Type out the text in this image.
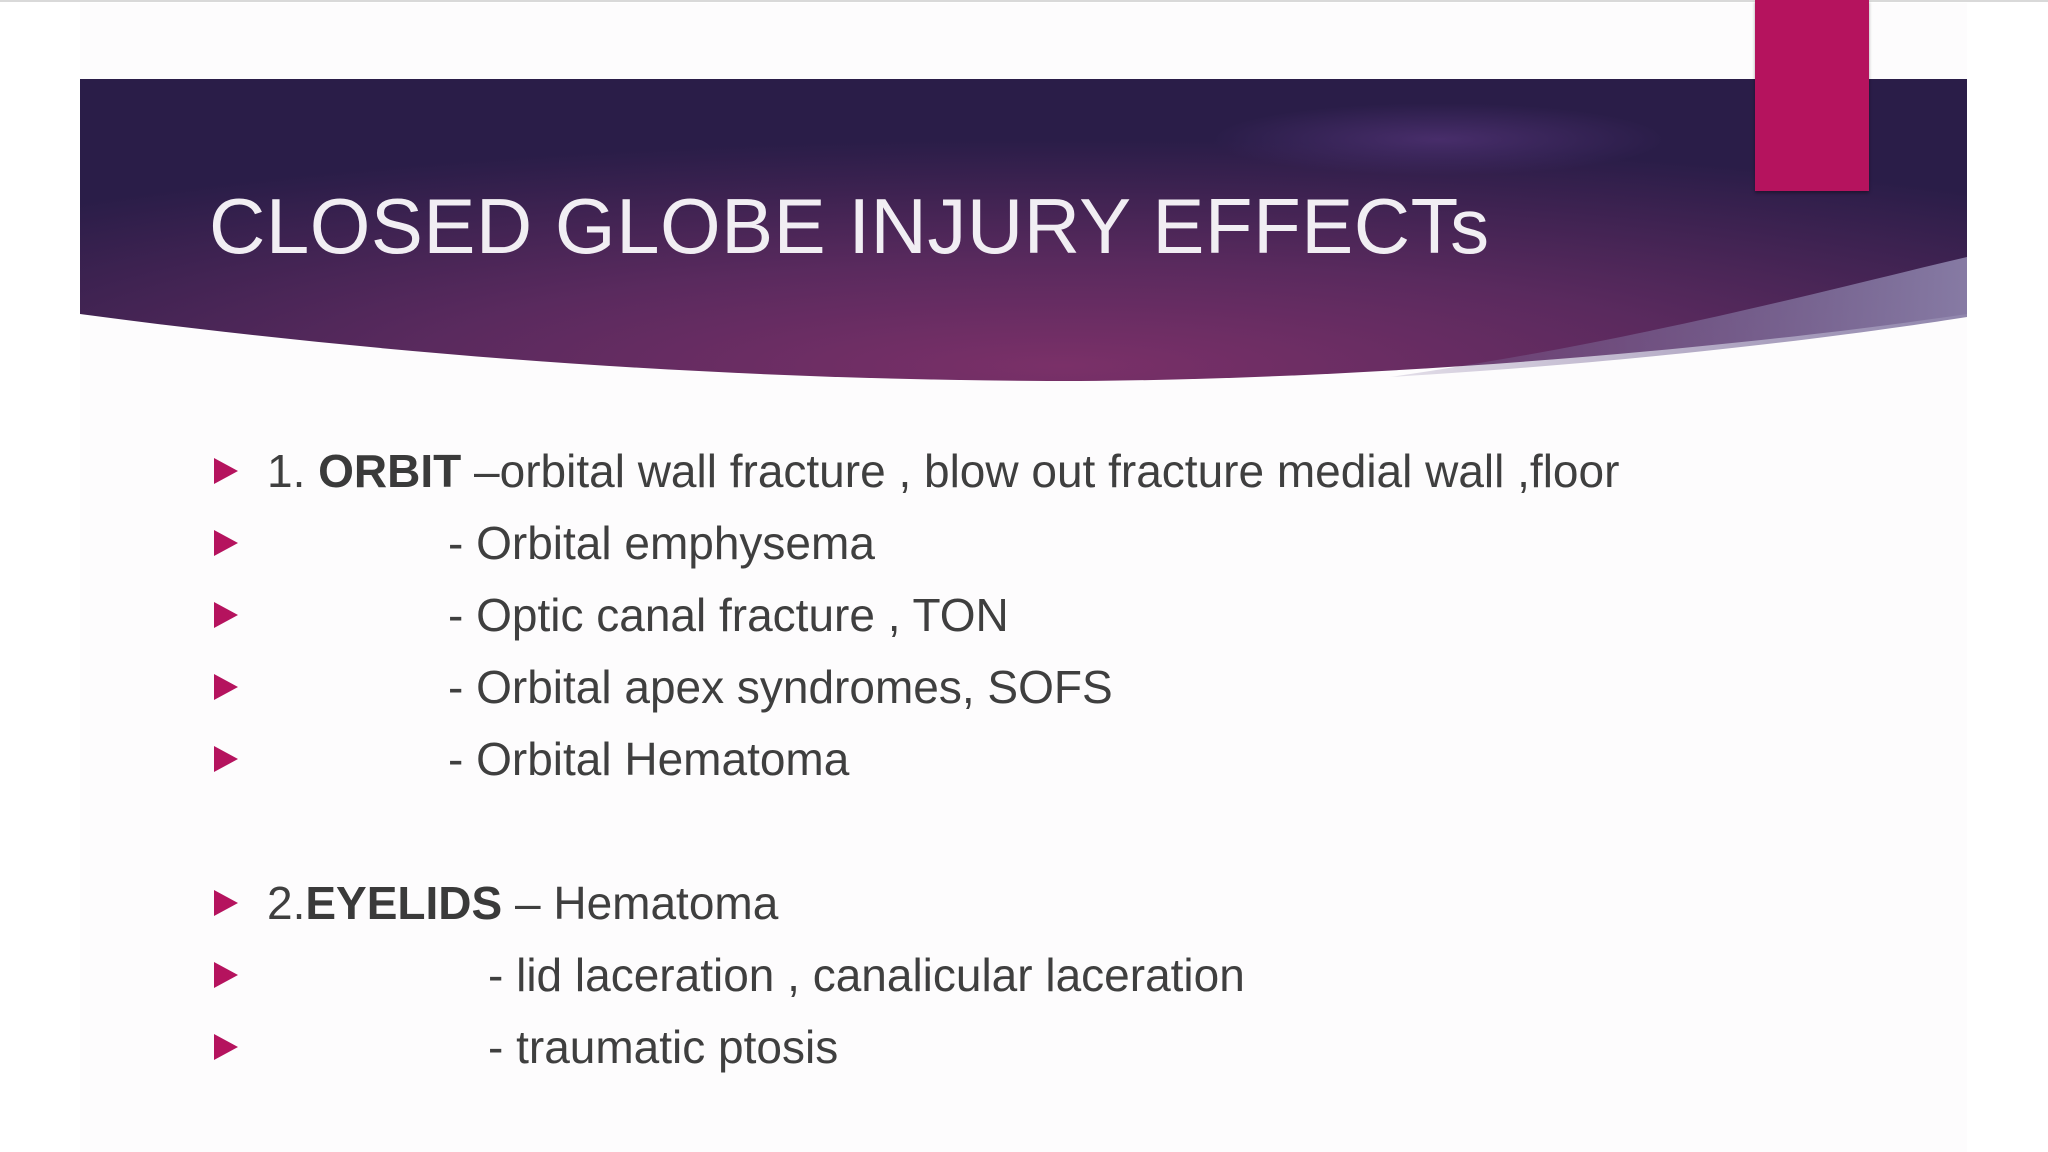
CLOSED GLOBE INJURY EFFECTs
1. ORBIT –orbital wall fracture , blow out fracture medial wall ,floor
- Orbital emphysema
- Optic canal fracture , TON
- Orbital apex syndromes, SOFS
- Orbital Hematoma
2.EYELIDS – Hematoma
- lid laceration , canalicular laceration
- traumatic ptosis
